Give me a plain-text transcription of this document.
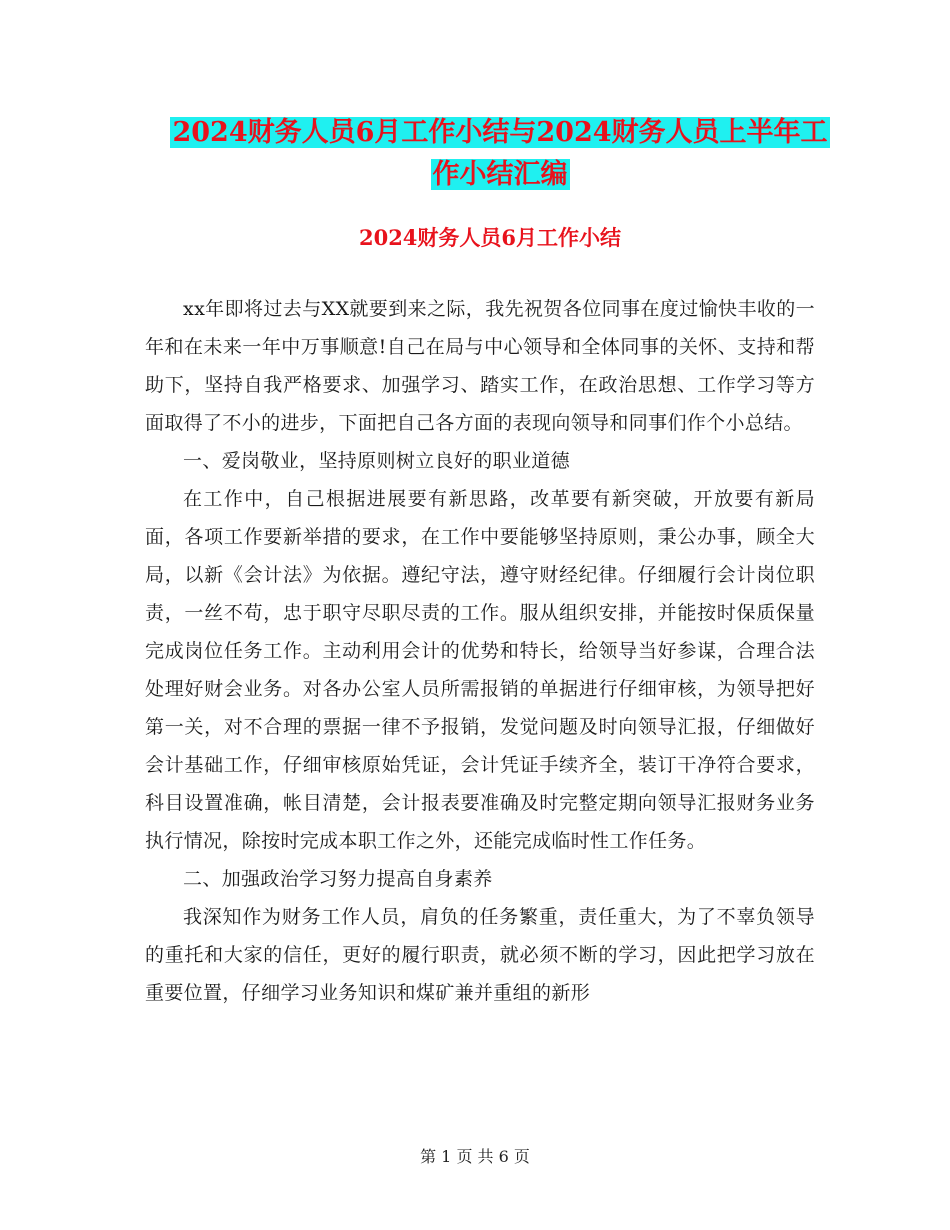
2024财务人员6月工作小结与2024财务人员上半年工
作小结汇编
2024财务人员6月工作小结

xx年即将过去与XX就要到来之际，我先祝贺各位同事在度过愉快丰收的一年和在未来一年中万事顺意!自己在局与中心领导和全体同事的关怀、支持和帮助下，坚持自我严格要求、加强学习、踏实工作，在政治思想、工作学习等方面取得了不小的进步，下面把自己各方面的表现向领导和同事们作个小总结。

一、爱岗敬业，坚持原则树立良好的职业道德

在工作中，自己根据进展要有新思路，改革要有新突破，开放要有新局面，各项工作要新举措的要求，在工作中要能够坚持原则，秉公办事，顾全大局，以新《会计法》为依据。遵纪守法，遵守财经纪律。仔细履行会计岗位职责，一丝不苟，忠于职守尽职尽责的工作。服从组织安排，并能按时保质保量完成岗位任务工作。主动利用会计的优势和特长，给领导当好参谋，合理合法处理好财会业务。对各办公室人员所需报销的单据进行仔细审核，为领导把好第一关，对不合理的票据一律不予报销，发觉问题及时向领导汇报，仔细做好会计基础工作，仔细审核原始凭证，会计凭证手续齐全，装订干净符合要求，科目设置准确，帐目清楚，会计报表要准确及时完整定期向领导汇报财务业务执行情况，除按时完成本职工作之外，还能完成临时性工作任务。

二、加强政治学习努力提高自身素养

我深知作为财务工作人员，肩负的任务繁重，责任重大，为了不辜负领导的重托和大家的信任，更好的履行职责，就必须不断的学习，因此把学习放在重要位置，仔细学习业务知识和煤矿兼并重组的新形

第 1 页 共 6 页
